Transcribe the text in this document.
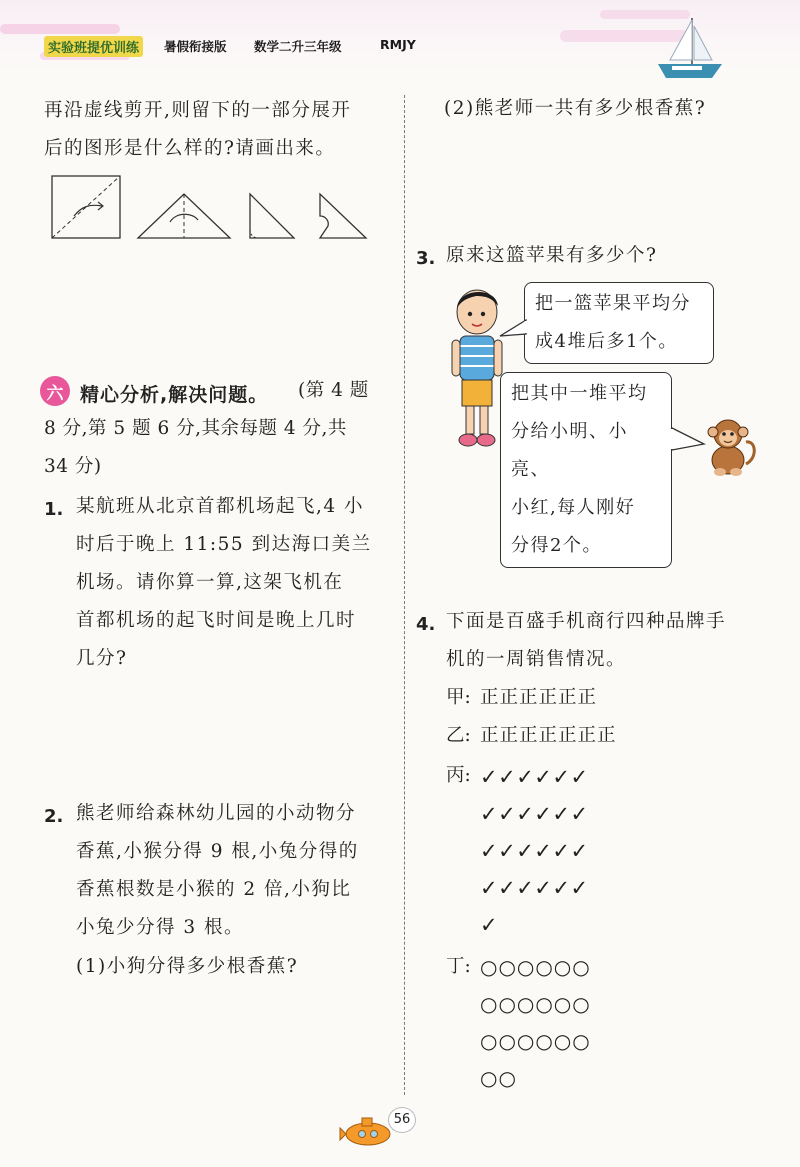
实验班提优训练	暑假衔接版 数学二升三年级	RMJY
再沿虚线剪开,则留下的一部分展开
后的图形是什么样的?请画出来。
六 精心分析,解决问题。 (第 4 题
8 分,第 5 题 6 分,其余每题 4 分,共
34 分)
1. 某航班从北京首都机场起飞,4 小
时后于晚上 11:55 到达海口美兰
机场。请你算一算,这架飞机在
首都机场的起飞时间是晚上几时
几分?
2. 熊老师给森林幼儿园的小动物分
香蕉,小猴分得 9 根,小兔分得的
香蕉根数是小猴的 2 倍,小狗比
小兔少分得 3 根。
(1)小狗分得多少根香蕉?
(2)熊老师一共有多少根香蕉?
3. 原来这篮苹果有多少个?
把一篮苹果平均分
成4堆后多1个。
把其中一堆平均
分给小明、小亮、
小红,每人刚好
分得2个。
4. 下面是百盛手机商行四种品牌手
机的一周销售情况。
甲: 正正正正正正
乙: 正正正正正正正
丙: ✓✓✓✓✓✓
✓✓✓✓✓✓
✓✓✓✓✓✓
✓✓✓✓✓✓
✓
丁: ○○○○○○
○○○○○○
○○○○○○
○○
56
